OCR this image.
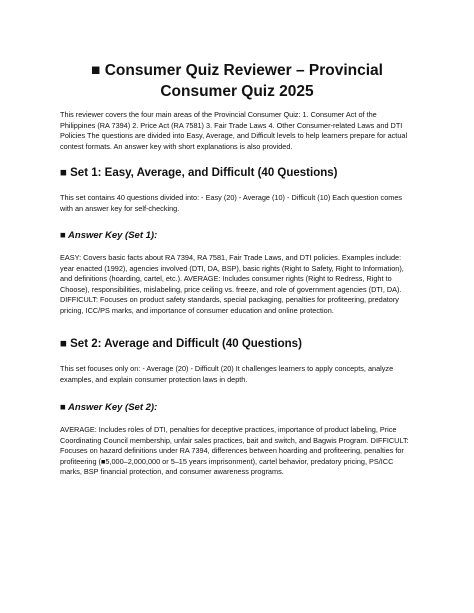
■ Consumer Quiz Reviewer – Provincial Consumer Quiz 2025

This reviewer covers the four main areas of the Provincial Consumer Quiz: 1. Consumer Act of the Philippines (RA 7394) 2. Price Act (RA 7581) 3. Fair Trade Laws 4. Other Consumer-related Laws and DTI Policies The questions are divided into Easy, Average, and Difficult levels to help learners prepare for actual contest formats. An answer key with short explanations is also provided.

■ Set 1: Easy, Average, and Difficult (40 Questions)

This set contains 40 questions divided into: - Easy (20) - Average (10) - Difficult (10) Each question comes with an answer key for self-checking.

■ Answer Key (Set 1):

EASY: Covers basic facts about RA 7394, RA 7581, Fair Trade Laws, and DTI policies. Examples include: year enacted (1992), agencies involved (DTI, DA, BSP), basic rights (Right to Safety, Right to Information), and definitions (hoarding, cartel, etc.). AVERAGE: Includes consumer rights (Right to Redress, Right to Choose), responsibilities, mislabeling, price ceiling vs. freeze, and role of government agencies (DTI, DA). DIFFICULT: Focuses on product safety standards, special packaging, penalties for profiteering, predatory pricing, ICC/PS marks, and importance of consumer education and online protection.

■ Set 2: Average and Difficult (40 Questions)

This set focuses only on: - Average (20) - Difficult (20) It challenges learners to apply concepts, analyze examples, and explain consumer protection laws in depth.

■ Answer Key (Set 2):

AVERAGE: Includes roles of DTI, penalties for deceptive practices, importance of product labeling, Price Coordinating Council membership, unfair sales practices, bait and switch, and Bagwis Program. DIFFICULT: Focuses on hazard definitions under RA 7394, differences between hoarding and profiteering, penalties for profiteering (■5,000–2,000,000 or 5–15 years imprisonment), cartel behavior, predatory pricing, PS/ICC marks, BSP financial protection, and consumer awareness programs.
